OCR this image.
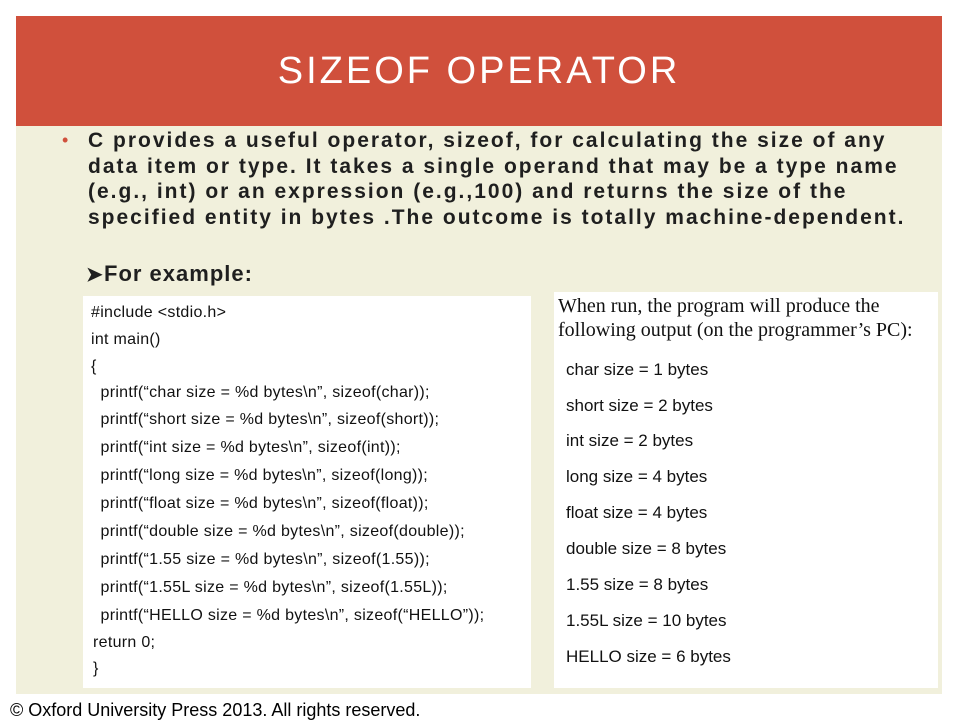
SIZEOF OPERATOR
• C provides a useful operator, sizeof, for calculating the size of any data item or type. It takes a single operand that may be a type name (e.g., int) or an expression (e.g.,100) and returns the size of the specified entity in bytes .The outcome is totally machine-dependent.
➤ For example:
#include <stdio.h>
int main()
{
printf(“char size = %d bytes\n”, sizeof(char));
printf(“short size = %d bytes\n”, sizeof(short));
printf(“int size = %d bytes\n”, sizeof(int));
printf(“long size = %d bytes\n”, sizeof(long));
printf(“float size = %d bytes\n”, sizeof(float));
printf(“double size = %d bytes\n”, sizeof(double));
printf(“1.55 size = %d bytes\n”, sizeof(1.55));
printf(“1.55L size = %d bytes\n”, sizeof(1.55L));
printf(“HELLO size = %d bytes\n”, sizeof(“HELLO”));
return 0;
}
When run, the program will produce the following output (on the programmer’s PC):
char size = 1 bytes
short size = 2 bytes
int size = 2 bytes
long size = 4 bytes
float size = 4 bytes
double size = 8 bytes
1.55 size = 8 bytes
1.55L size = 10 bytes
HELLO size = 6 bytes
© Oxford University Press 2013. All rights reserved.
